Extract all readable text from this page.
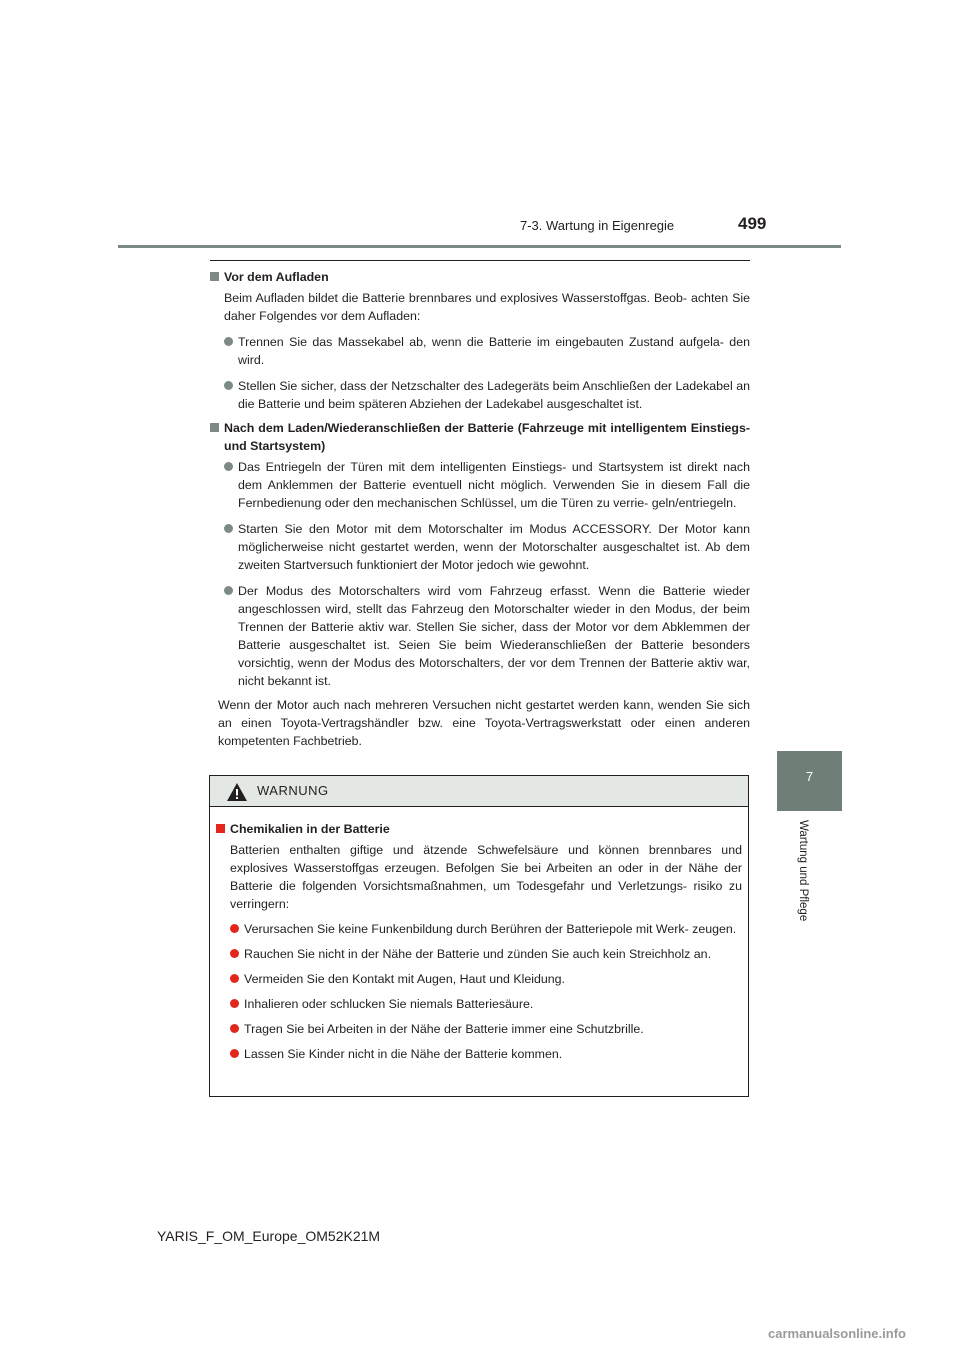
7-3. Wartung in Eigenregie	499
7
Wartung und Pflege
Vor dem Aufladen
Beim Aufladen bildet die Batterie brennbares und explosives Wasserstoffgas. Beob- achten Sie daher Folgendes vor dem Aufladen:
Trennen Sie das Massekabel ab, wenn die Batterie im eingebauten Zustand aufgela- den wird.
Stellen Sie sicher, dass der Netzschalter des Ladegeräts beim Anschließen der Ladekabel an die Batterie und beim späteren Abziehen der Ladekabel ausgeschaltet ist.
Nach dem Laden/Wiederanschließen der Batterie (Fahrzeuge mit intelligentem Einstiegs- und Startsystem)
Das Entriegeln der Türen mit dem intelligenten Einstiegs- und Startsystem ist direkt nach dem Anklemmen der Batterie eventuell nicht möglich. Verwenden Sie in diesem Fall die Fernbedienung oder den mechanischen Schlüssel, um die Türen zu verrie- geln/entriegeln.
Starten Sie den Motor mit dem Motorschalter im Modus ACCESSORY. Der Motor kann möglicherweise nicht gestartet werden, wenn der Motorschalter ausgeschaltet ist. Ab dem zweiten Startversuch funktioniert der Motor jedoch wie gewohnt.
Der Modus des Motorschalters wird vom Fahrzeug erfasst. Wenn die Batterie wieder angeschlossen wird, stellt das Fahrzeug den Motorschalter wieder in den Modus, der beim Trennen der Batterie aktiv war. Stellen Sie sicher, dass der Motor vor dem Abklemmen der Batterie ausgeschaltet ist. Seien Sie beim Wiederanschließen der Batterie besonders vorsichtig, wenn der Modus des Motorschalters, der vor dem Trennen der Batterie aktiv war, nicht bekannt ist.
Wenn der Motor auch nach mehreren Versuchen nicht gestartet werden kann, wenden Sie sich an einen Toyota-Vertragshändler bzw. eine Toyota-Vertragswerkstatt oder einen anderen kompetenten Fachbetrieb.
WARNUNG
Chemikalien in der Batterie
Batterien enthalten giftige und ätzende Schwefelsäure und können brennbares und explosives Wasserstoffgas erzeugen. Befolgen Sie bei Arbeiten an oder in der Nähe der Batterie die folgenden Vorsichtsmaßnahmen, um Todesgefahr und Verletzungs- risiko zu verringern:
Verursachen Sie keine Funkenbildung durch Berühren der Batteriepole mit Werk- zeugen.
Rauchen Sie nicht in der Nähe der Batterie und zünden Sie auch kein Streichholz an.
Vermeiden Sie den Kontakt mit Augen, Haut und Kleidung.
Inhalieren oder schlucken Sie niemals Batteriesäure.
Tragen Sie bei Arbeiten in der Nähe der Batterie immer eine Schutzbrille.
Lassen Sie Kinder nicht in die Nähe der Batterie kommen.
YARIS_F_OM_Europe_OM52K21M
carmanualsonline.info
